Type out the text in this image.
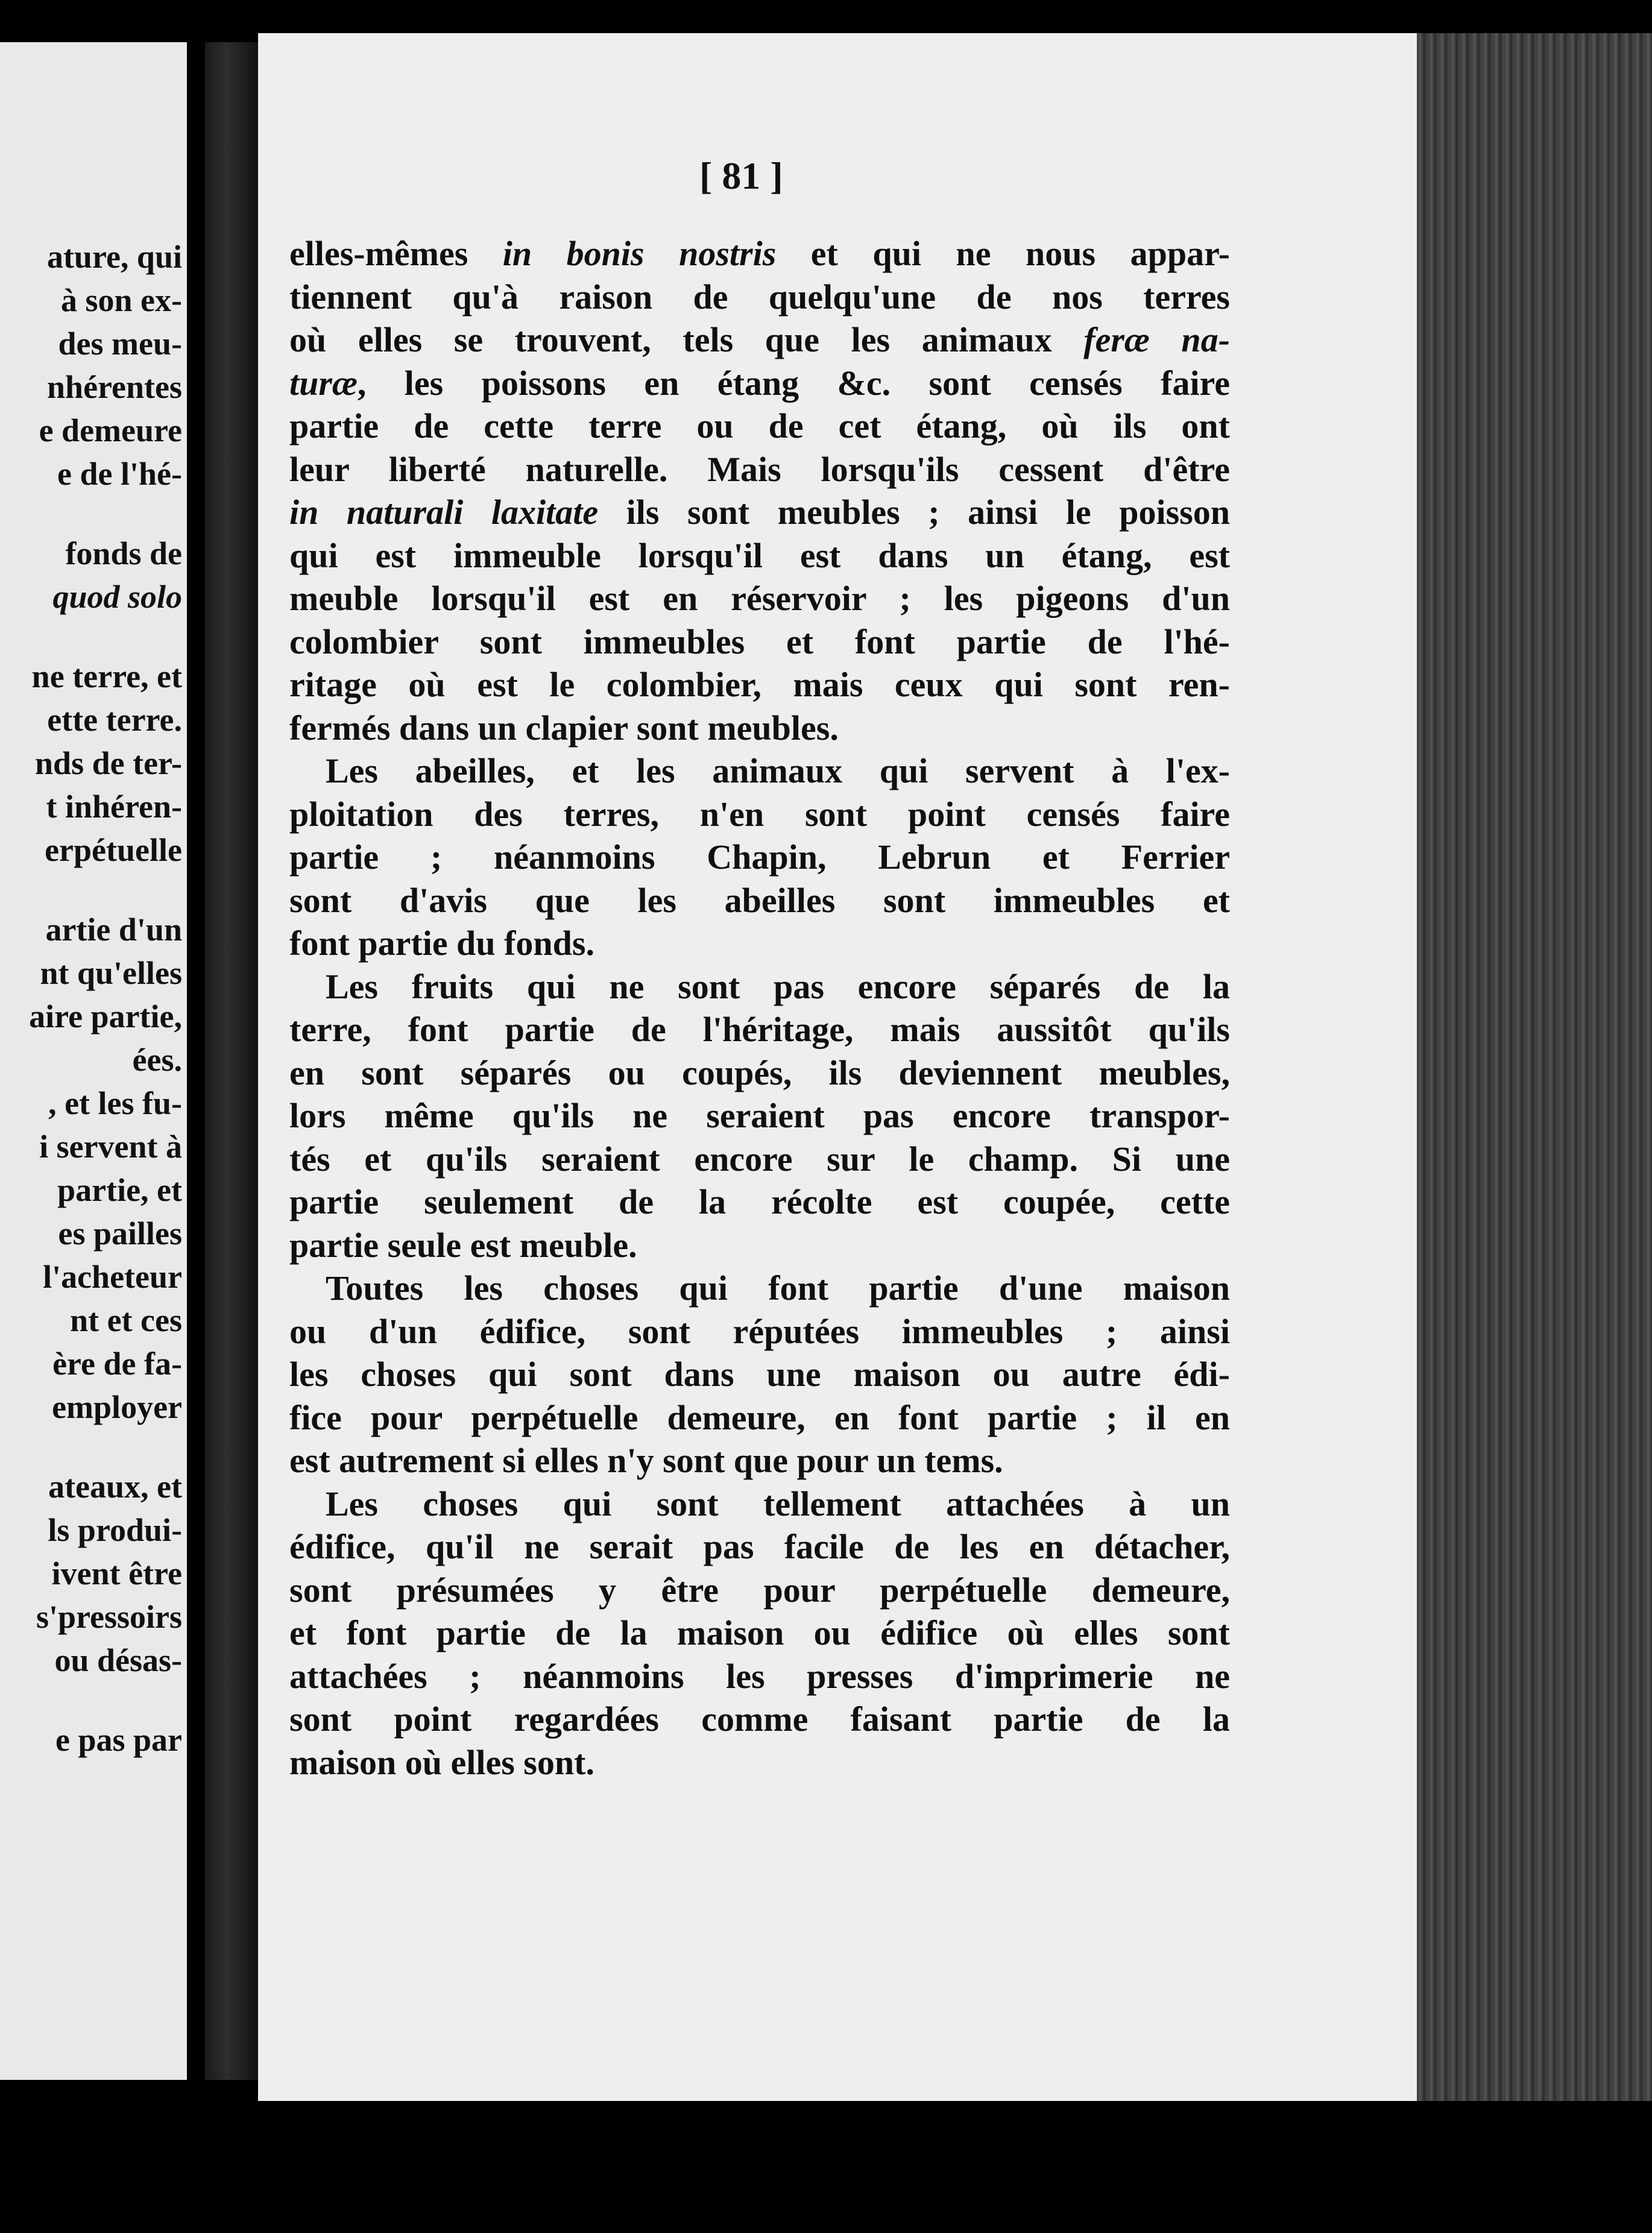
ature, qui
à son ex-
des meu-
nhérentes
e demeure
e de l'hé-
fonds de
quod solo
ne terre, et
ette terre.
nds de ter-
t inhéren-
erpétuelle
artie d'un
nt qu'elles
aire partie,
ées.
, et les fu-
i servent à
partie, et
es pailles
l'acheteur
nt et ces
ère de fa-
employer
ateaux, et
ls produi-
ivent être
s'pressoirs
ou désas-
e pas par
[ 81 ]
elles-mêmes in bonis nostris et qui ne nous appar-
tiennent qu'à raison de quelqu'une de nos terres
où elles se trouvent, tels que les animaux feræ na-
turæ, les poissons en étang &c. sont censés faire
partie de cette terre ou de cet étang, où ils ont
leur liberté naturelle. Mais lorsqu'ils cessent d'être
in naturali laxitate ils sont meubles ; ainsi le poisson
qui est immeuble lorsqu'il est dans un étang, est
meuble lorsqu'il est en réservoir ; les pigeons d'un
colombier sont immeubles et font partie de l'hé-
ritage où est le colombier, mais ceux qui sont ren-
fermés dans un clapier sont meubles.
Les abeilles, et les animaux qui servent à l'ex-
ploitation des terres, n'en sont point censés faire
partie ; néanmoins Chapin, Lebrun et Ferrier
sont d'avis que les abeilles sont immeubles et
font partie du fonds.
Les fruits qui ne sont pas encore séparés de la
terre, font partie de l'héritage, mais aussitôt qu'ils
en sont séparés ou coupés, ils deviennent meubles,
lors même qu'ils ne seraient pas encore transpor-
tés et qu'ils seraient encore sur le champ. Si une
partie seulement de la récolte est coupée, cette
partie seule est meuble.
Toutes les choses qui font partie d'une maison
ou d'un édifice, sont réputées immeubles ; ainsi
les choses qui sont dans une maison ou autre édi-
fice pour perpétuelle demeure, en font partie ; il en
est autrement si elles n'y sont que pour un tems.
Les choses qui sont tellement attachées à un
édifice, qu'il ne serait pas facile de les en détacher,
sont présumées y être pour perpétuelle demeure,
et font partie de la maison ou édifice où elles sont
attachées ; néanmoins les presses d'imprimerie ne
sont point regardées comme faisant partie de la
maison où elles sont.
